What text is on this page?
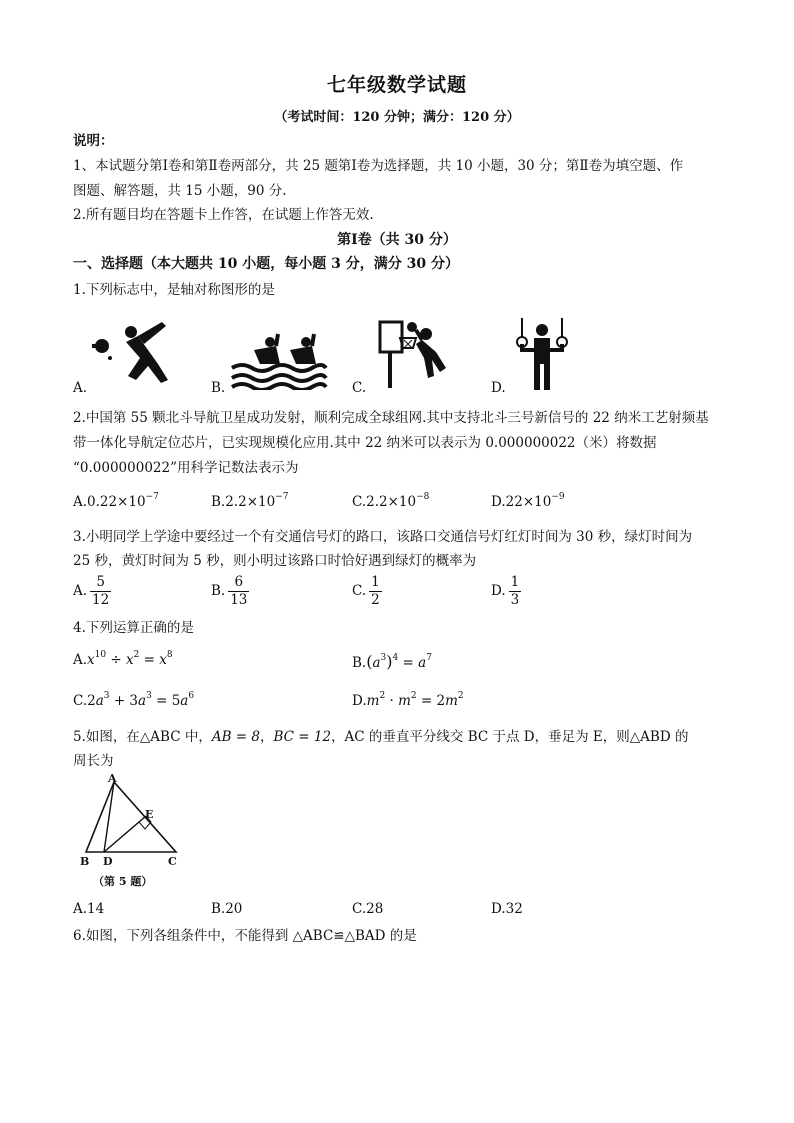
七年级数学试题
（考试时间：120 分钟；满分：120 分）
说明：
1、本试题分第Ⅰ卷和第Ⅱ卷两部分，共 25 题第Ⅰ卷为选择题，共 10 小题，30 分；第Ⅱ卷为填空题、作
图题、解答题，共 15 小题，90 分.
2.所有题目均在答题卡上作答，在试题上作答无效.
第Ⅰ卷（共 30 分）
一、选择题（本大题共 10 小题，每小题 3 分，满分 30 分）
1.下列标志中，是轴对称图形的是
A.	B.	C.	D.
2.中国第 55 颗北斗导航卫星成功发射，顺利完成全球组网.其中支持北斗三号新信号的 22 纳米工艺射频基
带一体化导航定位芯片，已实现规模化应用.其中 22 纳米可以表示为 0.000000022（米）将数据
“0.000000022”用科学记数法表示为
$A.0.22\times 10^{-7}$	$B.2.2\times 10^{-7}$	$C.2.2\times 10^{-8}$	$D.22\times 10^{-9}$
3.小明同学上学途中要经过一个有交通信号灯的路口，该路口交通信号灯红灯时间为 30 秒，绿灯时间为
25 秒，黄灯时间为 5 秒，则小明过该路口时恰好遇到绿灯的概率为
A. $\frac{5}{12}$	B. $\frac{6}{13}$	C. $\frac{1}{2}$	D. $\frac{1}{3}$
4.下列运算正确的是
$A.x^{10} \div x^2 = x^8$	$B.(a^3)^4 = a^7$
$C.2a^3 + 3a^3 = 5a^6$	$D.m^2 \cdot m^2 = 2m^2$
5.如图，在△ABC 中，AB = 8，BC = 12，AC 的垂直平分线交 BC 于点 D，垂足为 E，则△ABD 的
周长为
A
B D	C
E
（第 5 题）
A.14	B.20	C.28	D.32
6.如图，下列各组条件中，不能得到 △ABC≌△BAD 的是
